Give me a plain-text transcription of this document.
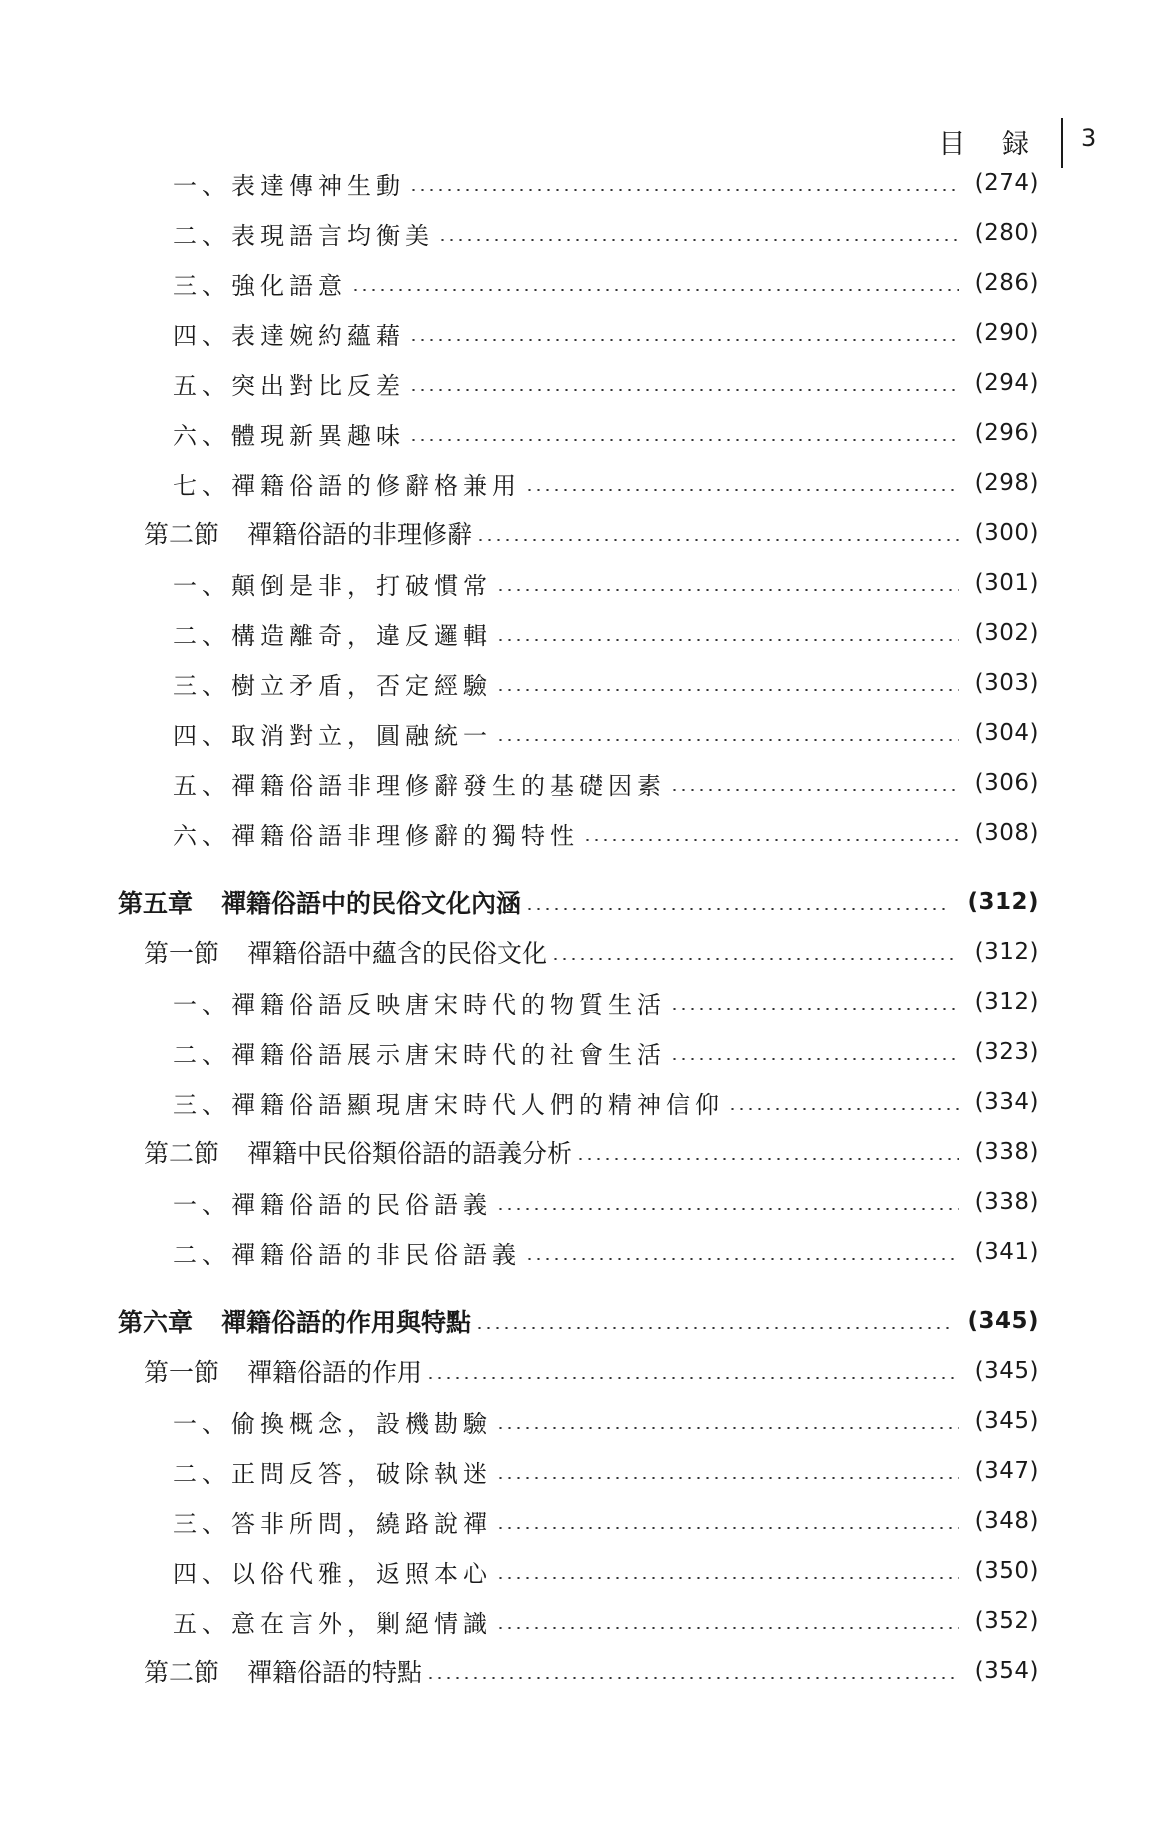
目 録 3
一、表達傳神生動	(274)
二、表現語言均衡美	(280)
三、強化語意	(286)
四、表達婉約蘊藉	(290)
五、突出對比反差	(294)
六、體現新異趣味	(296)
七、禪籍俗語的修辭格兼用	(298)
第二節 禪籍俗語的非理修辭	(300)
一、顛倒是非，打破慣常	(301)
二、構造離奇，違反邏輯	(302)
三、樹立矛盾，否定經驗	(303)
四、取消對立，圓融統一	(304)
五、禪籍俗語非理修辭發生的基礎因素	(306)
六、禪籍俗語非理修辭的獨特性	(308)
第五章 禪籍俗語中的民俗文化內涵	(312)
第一節 禪籍俗語中蘊含的民俗文化	(312)
一、禪籍俗語反映唐宋時代的物質生活	(312)
二、禪籍俗語展示唐宋時代的社會生活	(323)
三、禪籍俗語顯現唐宋時代人們的精神信仰	(334)
第二節 禪籍中民俗類俗語的語義分析	(338)
一、禪籍俗語的民俗語義	(338)
二、禪籍俗語的非民俗語義	(341)
第六章 禪籍俗語的作用與特點	(345)
第一節 禪籍俗語的作用	(345)
一、偷換概念，設機勘驗	(345)
二、正問反答，破除執迷	(347)
三、答非所問，繞路說禪	(348)
四、以俗代雅，返照本心	(350)
五、意在言外，剿絕情識	(352)
第二節 禪籍俗語的特點	(354)
